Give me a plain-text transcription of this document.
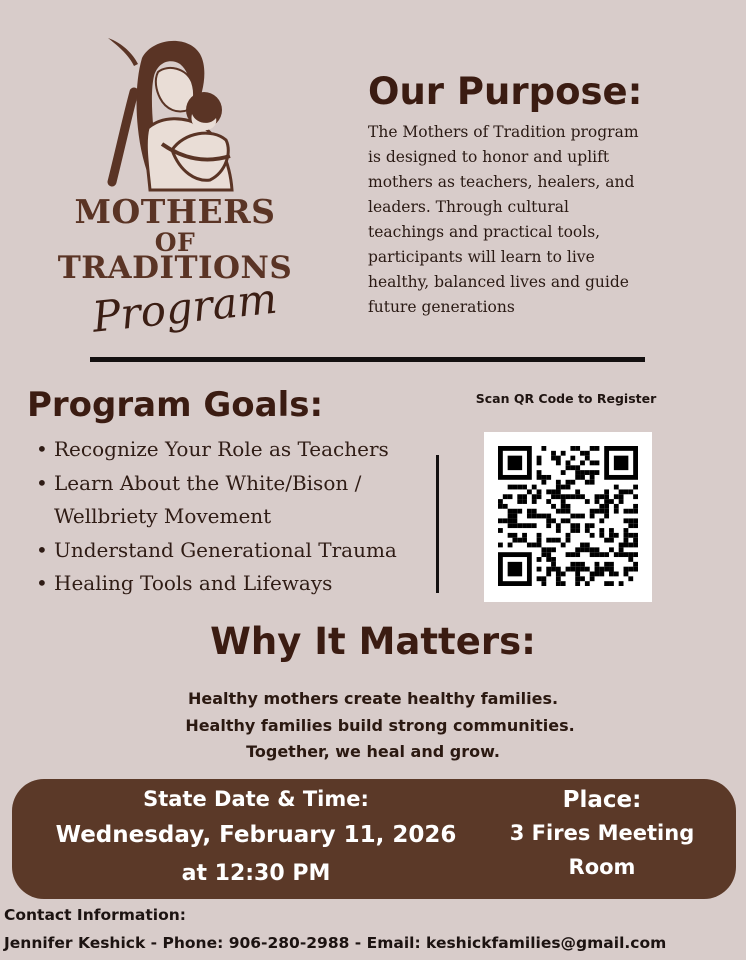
MOTHERS
OF
TRADITIONS
Program
Our Purpose:
The Mothers of Tradition program is designed to honor and uplift mothers as teachers, healers, and leaders. Through cultural teachings and practical tools, participants will learn to live healthy, balanced lives and guide future generations
Program Goals:
• Recognize Your Role as Teachers
• Learn About the White/Bison /
Wellbriety Movement
• Understand Generational Trauma
• Healing Tools and Lifeways
Scan QR Code to Register
Why It Matters:
Healthy mothers create healthy families.
Healthy families build strong communities.
Together, we heal and grow.
State Date & Time:
Wednesday, February 11, 2026
at 12:30 PM
Place:
3 Fires Meeting
Room
Contact Information:
Jennifer Keshick - Phone: 906-280-2988 - Email: keshickfamilies@gmail.com
